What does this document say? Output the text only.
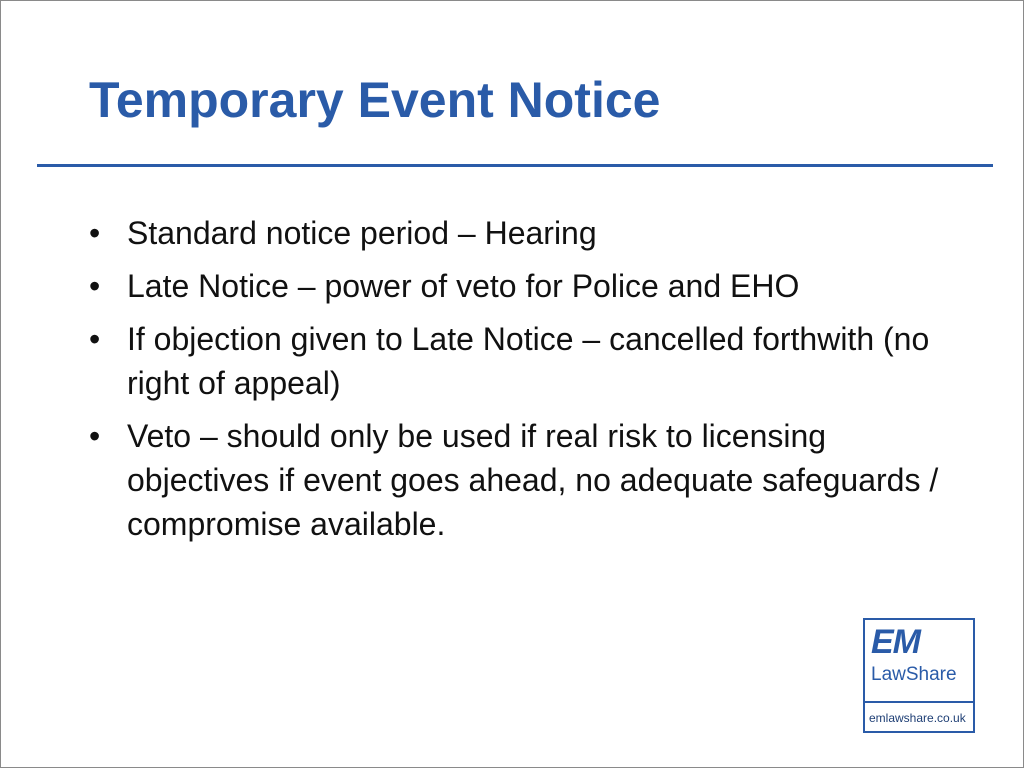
Temporary Event Notice
• Standard notice period – Hearing
• Late Notice – power of veto for Police and EHO
• If objection given to Late Notice – cancelled forthwith (no right of appeal)
• Veto – should only be used if real risk to licensing objectives if event goes ahead, no adequate safeguards / compromise available.
EM
LawShare
emlawshare.co.uk
